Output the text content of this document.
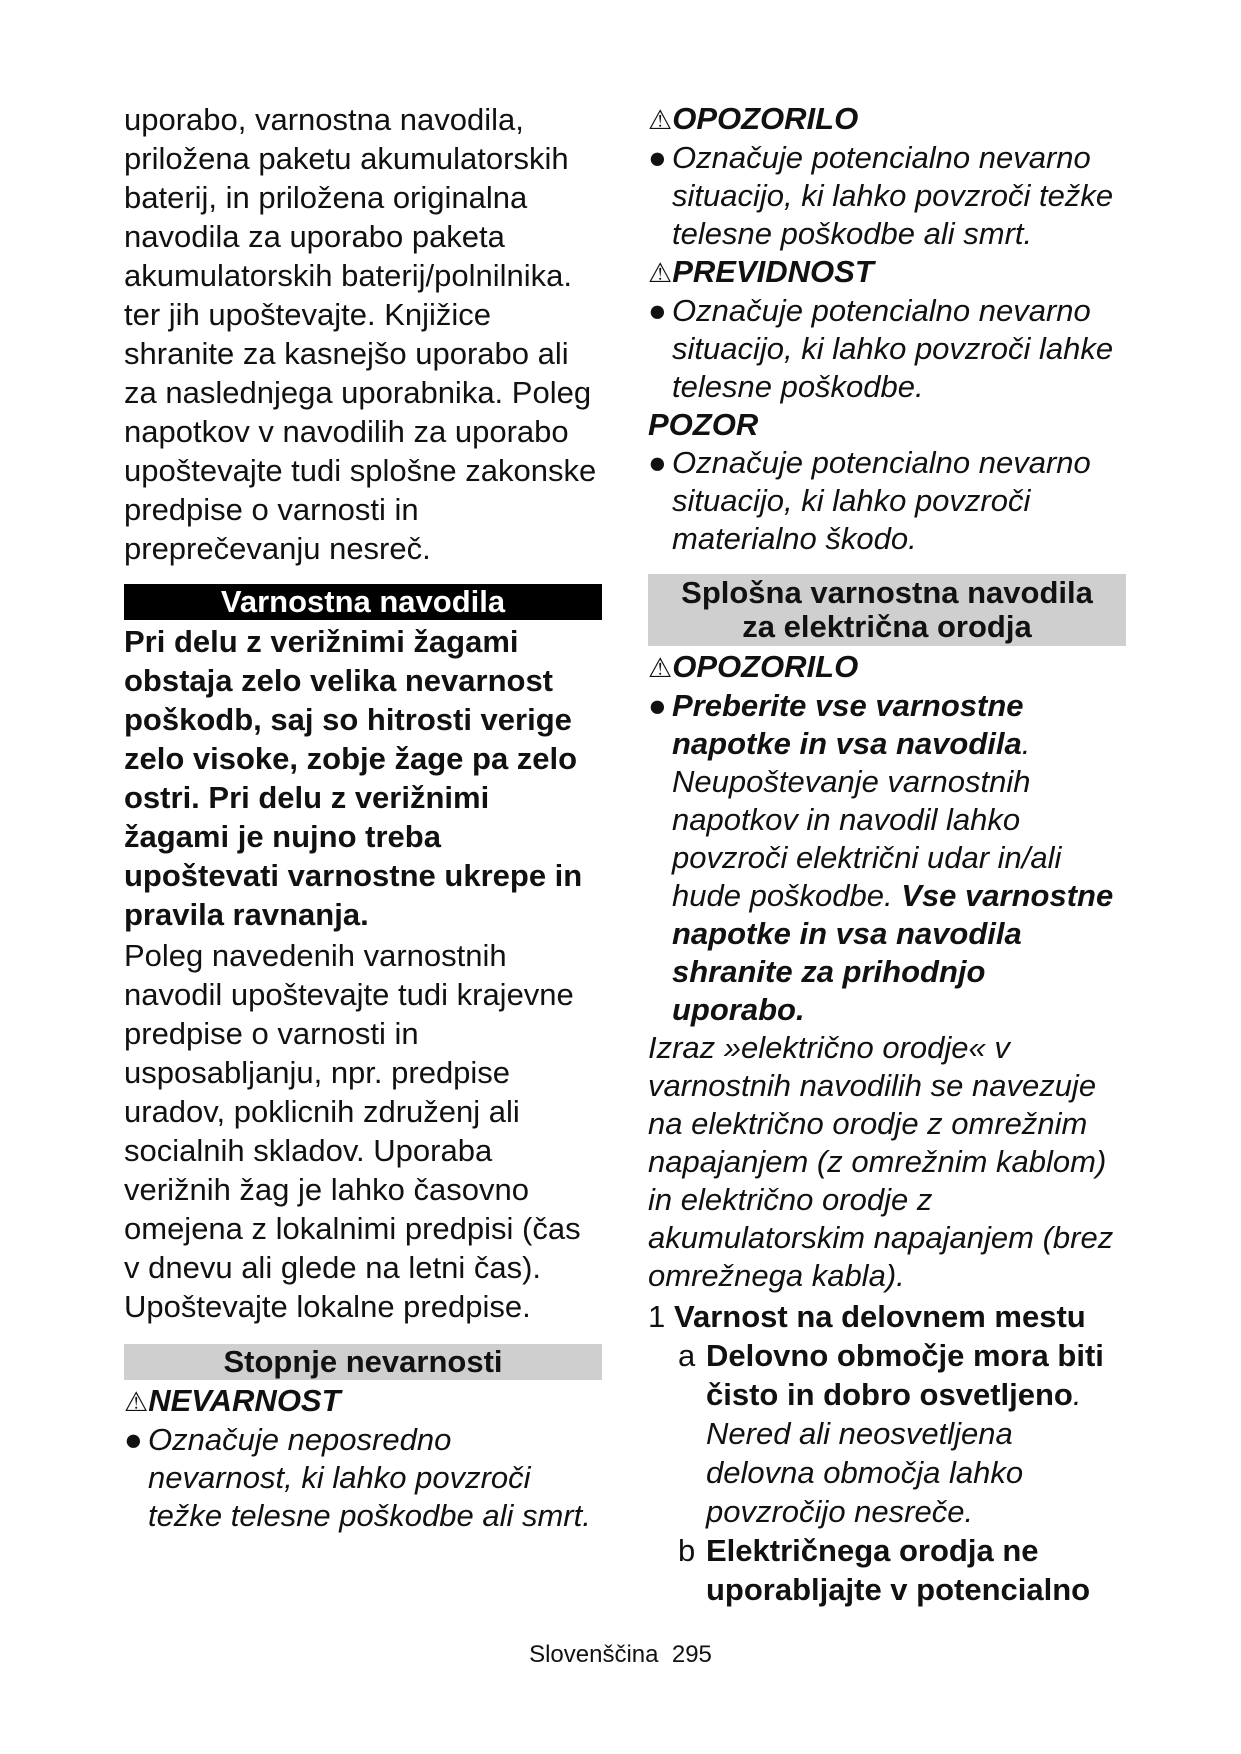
uporabo, varnostna navodila, priložena paketu akumulatorskih baterij, in priložena originalna navodila za uporabo paketa akumulatorskih baterij/polnilnika. ter jih upoštevajte. Knjižice shranite za kasnejšo uporabo ali za naslednjega uporabnika. Poleg napotkov v navodilih za uporabo upoštevajte tudi splošne zakonske predpise o varnosti in preprečevanju nesreč.

Varnostna navodila

Pri delu z verižnimi žagami obstaja zelo velika nevarnost poškodb, saj so hitrosti verige zelo visoke, zobje žage pa zelo ostri. Pri delu z verižnimi žagami je nujno treba upoštevati varnostne ukrepe in pravila ravnanja.

Poleg navedenih varnostnih navodil upoštevajte tudi krajevne predpise o varnosti in usposabljanju, npr. predpise uradov, poklicnih združenj ali socialnih skladov. Uporaba verižnih žag je lahko časovno omejena z lokalnimi predpisi (čas v dnevu ali glede na letni čas). Upoštevajte lokalne predpise.

Stopnje nevarnosti
⚠NEVARNOST
● Označuje neposredno nevarnost, ki lahko povzroči težke telesne poškodbe ali smrt.
⚠OPOZORILO
● Označuje potencialno nevarno situacijo, ki lahko povzroči težke telesne poškodbe ali smrt.
⚠PREVIDNOST
● Označuje potencialno nevarno situacijo, ki lahko povzroči lahke telesne poškodbe.
POZOR
● Označuje potencialno nevarno situacijo, ki lahko povzroči materialno škodo.
Splošna varnostna navodila
za električna orodja
⚠OPOZORILO
● Preberite vse varnostne napotke in vsa navodila. Neupoštevanje varnostnih napotkov in navodil lahko povzroči električni udar in/ali hude poškodbe. Vse varnostne napotke in vsa navodila shranite za prihodnjo uporabo.

Izraz »električno orodje« v varnostnih navodilih se navezuje na električno orodje z omrežnim napajanjem (z omrežnim kablom) in električno orodje z akumulatorskim napajanjem (brez omrežnega kabla).

1 Varnost na delovnem mestu
a Delovno območje mora biti čisto in dobro osvetljeno. Nered ali neosvetljena delovna območja lahko povzročijo nesreče.
b Električnega orodja ne uporabljajte v potencialno
Slovenščina 295
